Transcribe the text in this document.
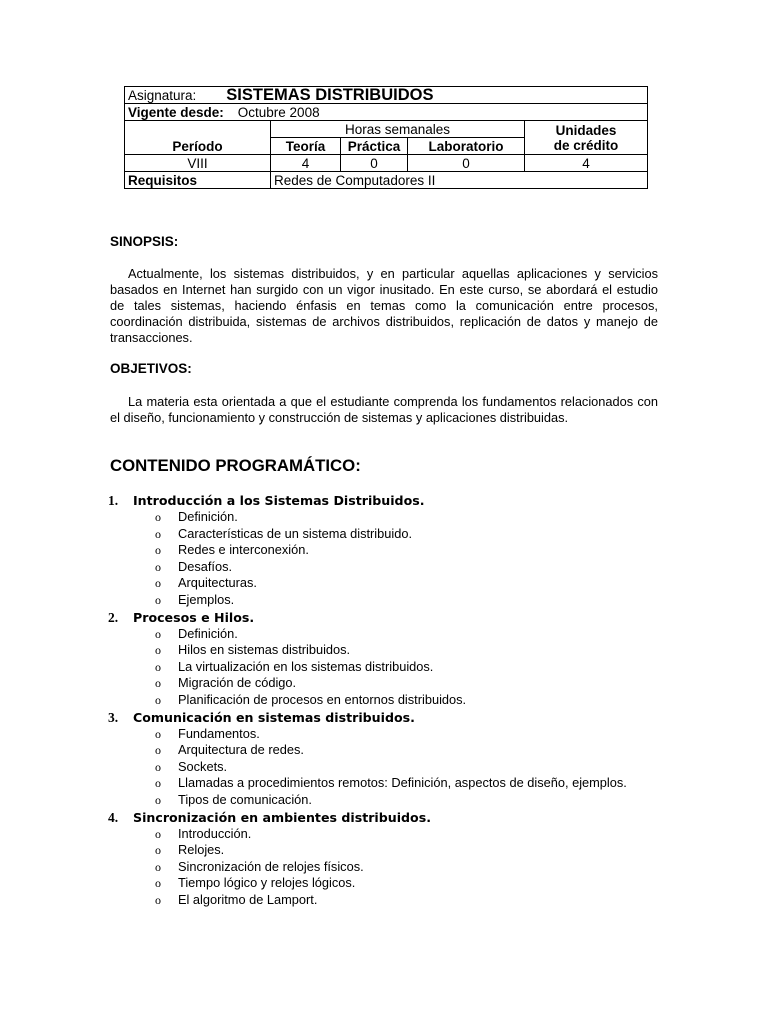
Asignatura: SISTEMAS DISTRIBUIDOS				
Vigente desde: Octubre 2008				
Período	Horas semanales			Unidades
de crédito

	Teoría	Práctica	Laboratorio	
VIII	4	0	0	4
Requisitos	Redes de Computadores II			
SINOPSIS:

Actualmente, los sistemas distribuidos, y en particular aquellas aplicaciones y servicios basados en Internet han surgido con un vigor inusitado. En este curso, se abordará el estudio de tales sistemas, haciendo énfasis en temas como la comunicación entre procesos, coordinación distribuida, sistemas de archivos distribuidos, replicación de datos y manejo de transacciones.

OBJETIVOS:

La materia esta orientada a que el estudiante comprenda los fundamentos relacionados con el diseño, funcionamiento y construcción de sistemas y aplicaciones distribuidas.

CONTENIDO PROGRAMÁTICO:
1.	Introducción a los Sistemas Distribuidos.
o	Definición.
o	Características de un sistema distribuido.
o	Redes e interconexión.
o	Desafíos.
o	Arquitecturas.
o	Ejemplos.
2.	Procesos e Hilos.
o	Definición.
o	Hilos en sistemas distribuidos.
o	La virtualización en los sistemas distribuidos.
o	Migración de código.
o	Planificación de procesos en entornos distribuidos.
3.	Comunicación en sistemas distribuidos.
o	Fundamentos.
o	Arquitectura de redes.
o	Sockets.
o	Llamadas a procedimientos remotos: Definición, aspectos de diseño, ejemplos.
o	Tipos de comunicación.
4.	Sincronización en ambientes distribuidos.
o	Introducción.
o	Relojes.
o	Sincronización de relojes físicos.
o	Tiempo lógico y relojes lógicos.
o	El algoritmo de Lamport.
